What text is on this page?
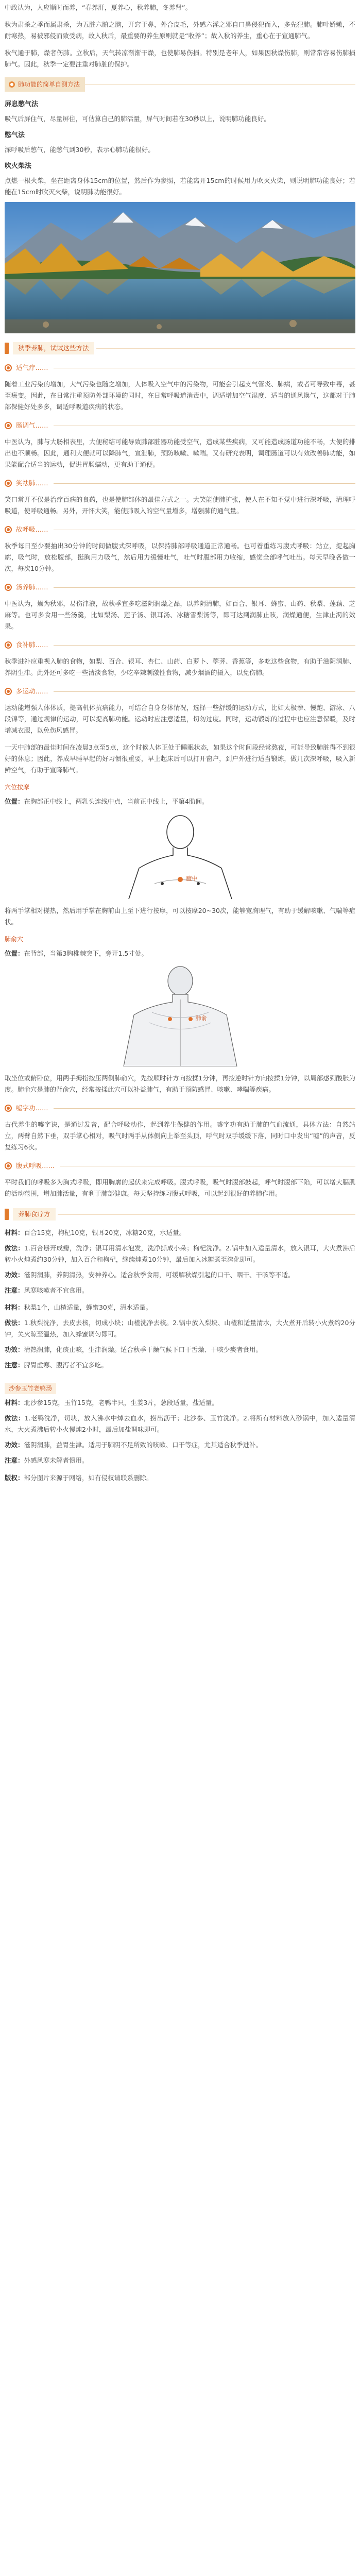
中政认为，人应顺时而养，“春养肝，夏养心，秋养肺，冬养肾”。

秋为肃杀之季而属肃杀，为五脏六腑之脑，开窍于鼻，外合皮毛，外感六淫之邪自口鼻侵犯而入，多先犯肺。肺叶娇嫩，不耐寒热，易被邪侵而致受病，故入秋后，最重要的养生原则就是“收养”；故入秋的养生，重心在于宣通肺气。

秋气通于肺，燥者伤肺。立秋后，天气转凉渐渐干燥，也使肺易伤损。特别是老年人，如果因秋燥伤肺，则常常容易伤肺损肺气。因此，秋季一定要注重对肺脏的保护。

肺功能的简单自测方法
屏息憋气法

吸气后屏住气，尽量屏住，可估算自己的肺活量，屏气时间若在30秒以上，说明肺功能良好。

憋气法

深呼吸后憋气，能憋气到30秒，表示心肺功能很好。

吹火柴法

点燃一根火柴，坐在距离身体15cm的位置，然后作为参照，若能离开15cm的时候用力吹灭火柴，则说明肺功能良好；若能在15cm时吹灭火柴，说明肺功能很好。

秋季养肺，试试这些方法
适气疗……

随着工业污染的增加，大气污染也随之增加，人体吸入空气中的污染物，可能会引起支气管炎、肺病，或者可导致中毒，甚至癌变。因此，在日常注重预防外部环境的同时，在日常呼吸道消毒中，调适增加空气湿度、适当的通风换气，这都对于肺部保健好处多多，调适呼吸道疾病的状态。

肠调气……

中医认为，肺与大肠相表里，大便秘结可能导致肺部脏器功能受空气，造成某些疾病，又可能造成肠道功能不畅，大便的排出也不顺畅。因此，通利大便就可以降肺气，宣泄肺，预防咳嗽、嗽喘。又有研究表明，调理肠道可以有效改善肺功能，如果能配合适当的运动，促进胃肠蠕动，更有助于通便。

笑祛肺……

笑口常开不仅是治疗百病的良药，也是使肺部体的最佳方式之一。大笑能使肺扩张，使人在不知不觉中进行深呼吸，清理呼吸道，使呼吸通畅。另外，开怀大笑，能使肺吸入的空气量增多，增强肺的通气量。

故呼吸……

秋季每日至少要抽出30分钟的时间做腹式深呼吸，以保持肺部呼吸通道正常通畅。也可着重练习腹式呼吸：站立，提起胸廓，吸气时，放松腹部，挺胸用力吸气，然后用力缓慢吐气，吐气时腹部用力收缩，感觉全部呼气吐出。每天早晚各做一次，每次10分钟。

汤养肺……

中医认为，燥为秋邪，易伤津液，故秋季宜多吃滋阴润燥之品，以养阴清肺，如百合、银耳、蜂蜜、山药、秋梨、莲藕、芝麻等。也可多食用一些汤羹，比如梨汤、莲子汤、银耳汤、冰糖雪梨汤等，即可达到润肺止咳，润燥通便，生津止渴的效果。

食补肺……

秋季进补应重视入肺的食物，如梨、百合、银耳、杏仁、山药、白萝卜、荸荠、香蕉等，多吃这些食物，有助于滋阴润肺、养阴生津。此外还可多吃一些清淡食物，少吃辛辣刺激性食物，减少烟酒的摄入，以免伤肺。

多运动……

运动能增强人体体质，提高机体抗病能力，可结合自身身体情况，选择一些舒缓的运动方式，比如太极拳、慢跑、游泳、八段锦等，通过规律的运动，可以提高肺功能。运动时应注意适量，切勿过度。同时，运动锻炼的过程中也应注意保暖，及时增减衣服，以免伤风感冒。

一天中肺部的最佳时间在凌晨3点至5点，这个时候人体正处于睡眠状态，如果这个时间段经常熬夜，可能导致肺脏得不到很好的休息；因此，养成早睡早起的好习惯很重要，早上起床后可以打开窗户，到户外进行适当锻炼，做几次深呼吸，吸入新鲜空气，有助于宣降肺气。

穴位按摩

位置：在胸部正中线上，两乳头连线中点，当前正中线上，平第4肋间。

膻中

将两手掌相对搓热，然后用手掌在胸前由上至下进行按摩，可以按摩20~30次，能够宽胸理气，有助于缓解咳嗽、气喘等症状。

肺俞穴

位置：在背部，当第3胸椎棘突下，旁开1.5寸处。

肺俞

取坐位或俯卧位，用两手拇指按压两侧肺俞穴，先按顺时针方向按揉1分钟，再按逆时针方向按揉1分钟，以局部感到酸胀为度。肺俞穴是肺的背俞穴，经常按揉此穴可以补益肺气，有助于预防感冒、咳嗽、哮喘等疾病。

嘘字功……

古代养生的嘘字诀，是通过发音，配合呼吸动作，起到养生保健的作用。嘘字功有助于肺的气血流通，具体方法：自然站立，两臂自然下垂，双手掌心相对，吸气时两手从体侧向上举至头顶，呼气时双手缓缓下落，同时口中发出“嘘”的声音，反复练习6次。

腹式呼吸……

平时我们的呼吸多为胸式呼吸，即用胸廓的起伏来完成呼吸。腹式呼吸，吸气时腹部鼓起，呼气时腹部下陷，可以增大膈肌的活动范围，增加肺活量，有利于肺部健康。每天坚持练习腹式呼吸，可以起到很好的养肺作用。

养肺食疗方

材料：百合15克，枸杞10克，银耳20克，冰糖20克，水适量。

做法：1.百合掰开成瓣，洗净；银耳用清水泡发，洗净撕成小朵；枸杞洗净。2.锅中加入适量清水，放入银耳，大火煮沸后转小火炖煮约30分钟，加入百合和枸杞，继续炖煮10分钟，最后加入冰糖煮至溶化即可。

功效：滋阴润肺，养阴清热，安神养心。适合秋季食用，可缓解秋燥引起的口干、咽干、干咳等不适。

注意：风寒咳嗽者不宜食用。

材料：秋梨1个，山楂适量，蜂蜜30克，清水适量。

做法：1.秋梨洗净，去皮去核，切成小块；山楂洗净去核。2.锅中放入梨块、山楂和适量清水，大火煮开后转小火煮约20分钟，关火晾至温热，加入蜂蜜调匀即可。

功效：清热润肺，化痰止咳，生津润燥。适合秋季干燥气候下口干舌燥、干咳少痰者食用。

注意：脾胃虚寒、腹泻者不宜多吃。

沙参玉竹老鸭汤

材料：北沙参15克，玉竹15克，老鸭半只，生姜3片，葱段适量，盐适量。

做法：1.老鸭洗净，切块，放入沸水中焯去血水，捞出沥干；北沙参、玉竹洗净。2.将所有材料放入砂锅中，加入适量清水，大火煮沸后转小火慢炖2小时，最后加盐调味即可。

功效：滋阴润肺，益胃生津。适用于肺阴不足所致的咳嗽、口干等症，尤其适合秋季进补。

注意：外感风寒未解者慎用。

版权：部分图片来源于网络，如有侵权请联系删除。
